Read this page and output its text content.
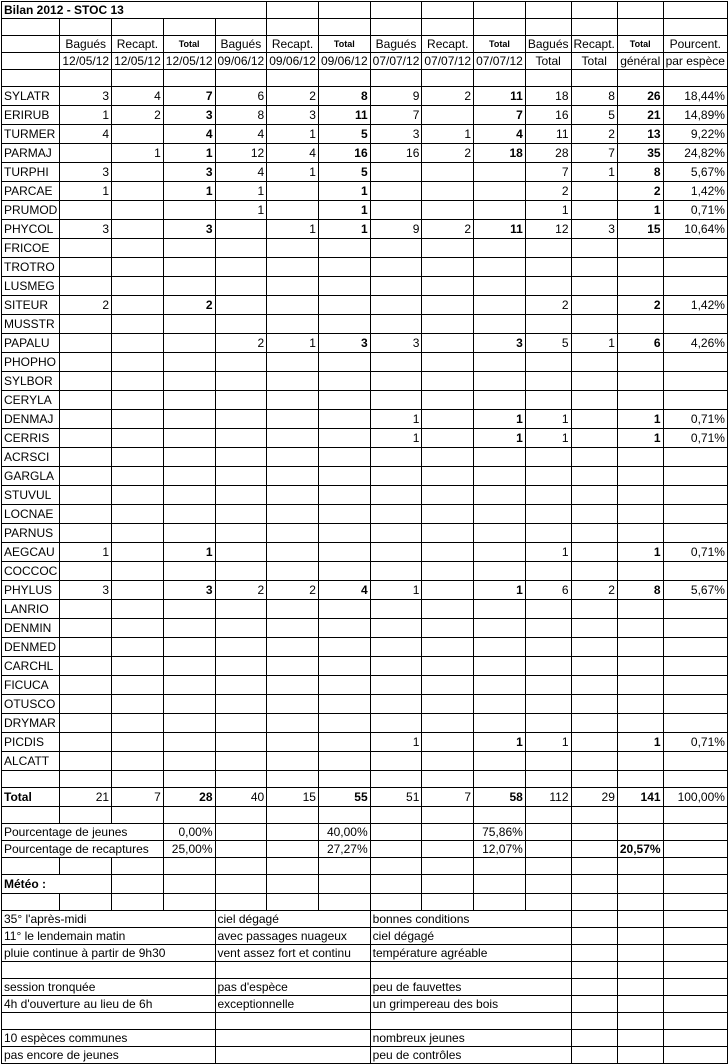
Bilan 2012 - STOC 13													

	Bagués	Recapt.	Total	Bagués	Recapt.	Total	Bagués	Recapt.	Total	Bagués	Recapt.	Total	Pourcent.
	12/05/12	12/05/12	12/05/12	09/06/12	09/06/12	09/06/12	07/07/12	07/07/12	07/07/12	Total	Total	général	par espèce

SYLATR	3	4	7	6	2	8	9	2	11	18	8	26	18,44%
ERIRUB	1	2	3	8	3	11	7		7	16	5	21	14,89%
TURMER	4		4	4	1	5	3	1	4	11	2	13	9,22%
PARMAJ		1	1	12	4	16	16	2	18	28	7	35	24,82%
TURPHI	3		3	4	1	5				7	1	8	5,67%
PARCAE	1		1	1		1				2		2	1,42%
PRUMOD				1		1				1		1	0,71%
PHYCOL	3		3		1	1	9	2	11	12	3	15	10,64%
FRICOE													
TROTRO													
LUSMEG													
SITEUR	2		2							2		2	1,42%
MUSSTR													
PAPALU				2	1	3	3		3	5	1	6	4,26%
PHOPHO													
SYLBOR													
CERYLA													
DENMAJ							1		1	1		1	0,71%
CERRIS							1		1	1		1	0,71%
ACRSCI													
GARGLA													
STUVUL													
LOCNAE													
PARNUS													
AEGCAU	1		1							1		1	0,71%
COCCOC													
PHYLUS	3		3	2	2	4	1		1	6	2	8	5,67%
LANRIO													
DENMIN													
DENMED													
CARCHL													
FICUCA													
OTUSCO													
DRYMAR													
PICDIS							1		1	1		1	0,71%
ALCATT													

Total	21	7	28	40	15	55	51	7	58	112	29	141	100,00%

Pourcentage de jeunes			0,00%			40,00%			75,86%				
Pourcentage de recaptures			25,00%			27,27%			12,07%			20,57%	

Météo :													

35° l'après-midi				ciel dégagé			bonnes conditions						
11° le lendemain matin				avec passages nuageux			ciel dégagé						
pluie continue à partir de 9h30				vent assez fort et continu			température agréable						

session tronquée				pas d'espèce			peu de fauvettes						
4h d'ouverture au lieu de 6h				exceptionnelle			un grimpereau des bois						

10 espèces communes							nombreux jeunes						
pas encore de jeunes							peu de contrôles						
